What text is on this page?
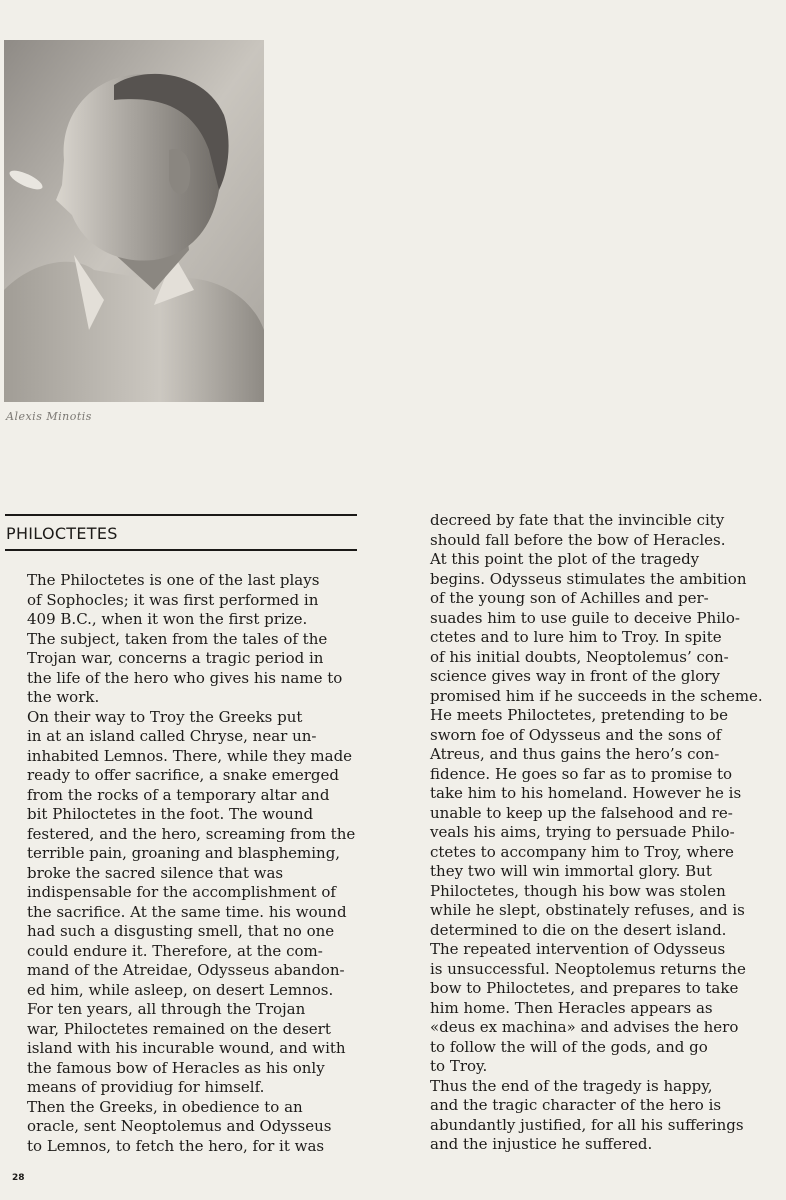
Alexis Minotis
PHILOCTETES

The Philoctetes is one of the last plays
of Sophocles; it was first performed in
409 B.C., when it won the first prize.

The subject, taken from the tales of the
Trojan war, concerns a tragic period in
the life of the hero who gives his name to
the work.

On their way to Troy the Greeks put
in at an island called Chryse, near un-
inhabited Lemnos. There, while they made
ready to offer sacrifice, a snake emerged
from the rocks of a temporary altar and
bit Philoctetes in the foot. The wound
festered, and the hero, screaming from the
terrible pain, groaning and blaspheming,
broke the sacred silence that was
indispensable for the accomplishment of
the sacrifice. At the same time. his wound
had such a disgusting smell, that no one
could endure it. Therefore, at the com-
mand of the Atreidae, Odysseus abandon-
ed him, while asleep, on desert Lemnos.

For ten years, all through the Trojan
war, Philoctetes remained on the desert
island with his incurable wound, and with
the famous bow of Heracles as his only
means of providiug for himself.

Then the Greeks, in obedience to an
oracle, sent Neoptolemus and Odysseus
to Lemnos, to fetch the hero, for it was

decreed by fate that the invincible city
should fall before the bow of Heracles.

At this point the plot of the tragedy
begins. Odysseus stimulates the ambition
of the young son of Achilles and per-
suades him to use guile to deceive Philo-
ctetes and to lure him to Troy. In spite
of his initial doubts, Neoptolemus’ con-
science gives way in front of the glory
promised him if he succeeds in the scheme.
He meets Philoctetes, pretending to be
sworn foe of Odysseus and the sons of
Atreus, and thus gains the hero’s con-
fidence. He goes so far as to promise to
take him to his homeland. However he is
unable to keep up the falsehood and re-
veals his aims, trying to persuade Philo-
ctetes to accompany him to Troy, where
they two will win immortal glory. But
Philoctetes, though his bow was stolen
while he slept, obstinately refuses, and is
determined to die on the desert island.
The repeated intervention of Odysseus
is unsuccessful. Neoptolemus returns the
bow to Philoctetes, and prepares to take
him home. Then Heracles appears as
«deus ex machina» and advises the hero
to follow the will of the gods, and go
to Troy.

Thus the end of the tragedy is happy,
and the tragic character of the hero is
abundantly justified, for all his sufferings
and the injustice he suffered.

28
